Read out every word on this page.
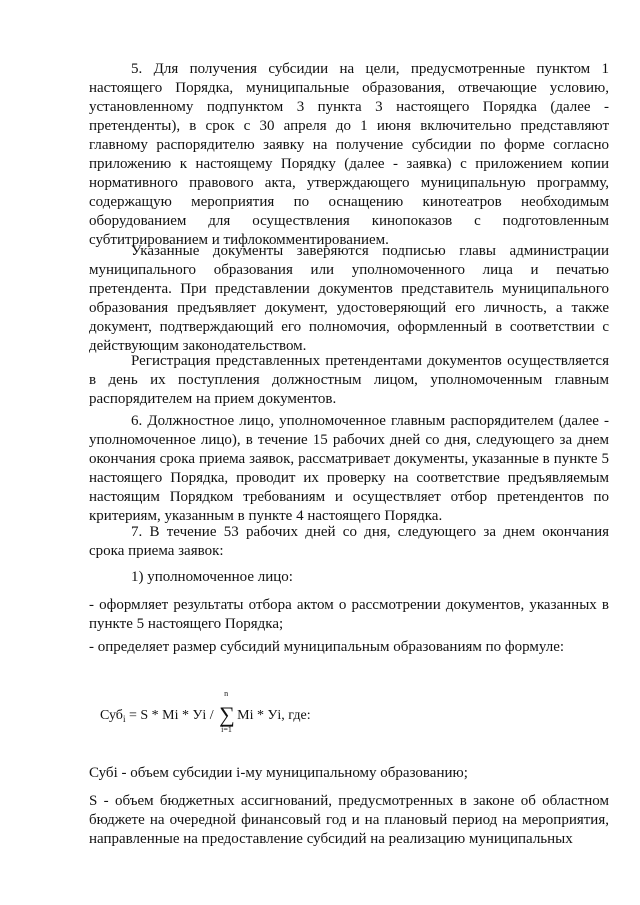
5. Для получения субсидии на цели, предусмотренные пунктом 1 настоящего Порядка, муниципальные образования, отвечающие условию, установленному подпунктом 3 пункта 3 настоящего Порядка (далее - претенденты), в срок с 30 апреля до 1 июня включительно представляют главному распорядителю заявку на получение субсидии по форме согласно приложению к настоящему Порядку (далее - заявка) с приложением копии нормативного правового акта, утверждающего муниципальную программу, содержащую мероприятия по оснащению кинотеатров необходимым оборудованием для осуществления кинопоказов с подготовленным субтитрированием и тифлокомментированием.

Указанные документы заверяются подписью главы администрации муниципального образования или уполномоченного лица и печатью претендента. При представлении документов представитель муниципального образования предъявляет документ, удостоверяющий его личность, а также документ, подтверждающий его полномочия, оформленный в соответствии с действующим законодательством.

Регистрация представленных претендентами документов осуществляется в день их поступления должностным лицом, уполномоченным главным распорядителем на прием документов.

6. Должностное лицо, уполномоченное главным распорядителем (далее - уполномоченное лицо), в течение 15 рабочих дней со дня, следующего за днем окончания срока приема заявок, рассматривает документы, указанные в пункте 5 настоящего Порядка, проводит их проверку на соответствие предъявляемым настоящим Порядком требованиям и осуществляет отбор претендентов по критериям, указанным в пункте 4 настоящего Порядка.

7. В течение 53 рабочих дней со дня, следующего за днем окончания срока приема заявок:

1) уполномоченное лицо:

- оформляет результаты отбора актом о рассмотрении документов, указанных в пункте 5 настоящего Порядка;

- определяет размер субсидий муниципальным образованиям по формуле:

Суб$_i$ = S * Mi * Уi /
n
∑
i=1
Mi * Уi, где:

Субi - объем субсидии i-му муниципальному образованию;

S - объем бюджетных ассигнований, предусмотренных в законе об областном бюджете на очередной финансовый год и на плановый период на мероприятия, направленные на предоставление субсидий на реализацию муниципальных
